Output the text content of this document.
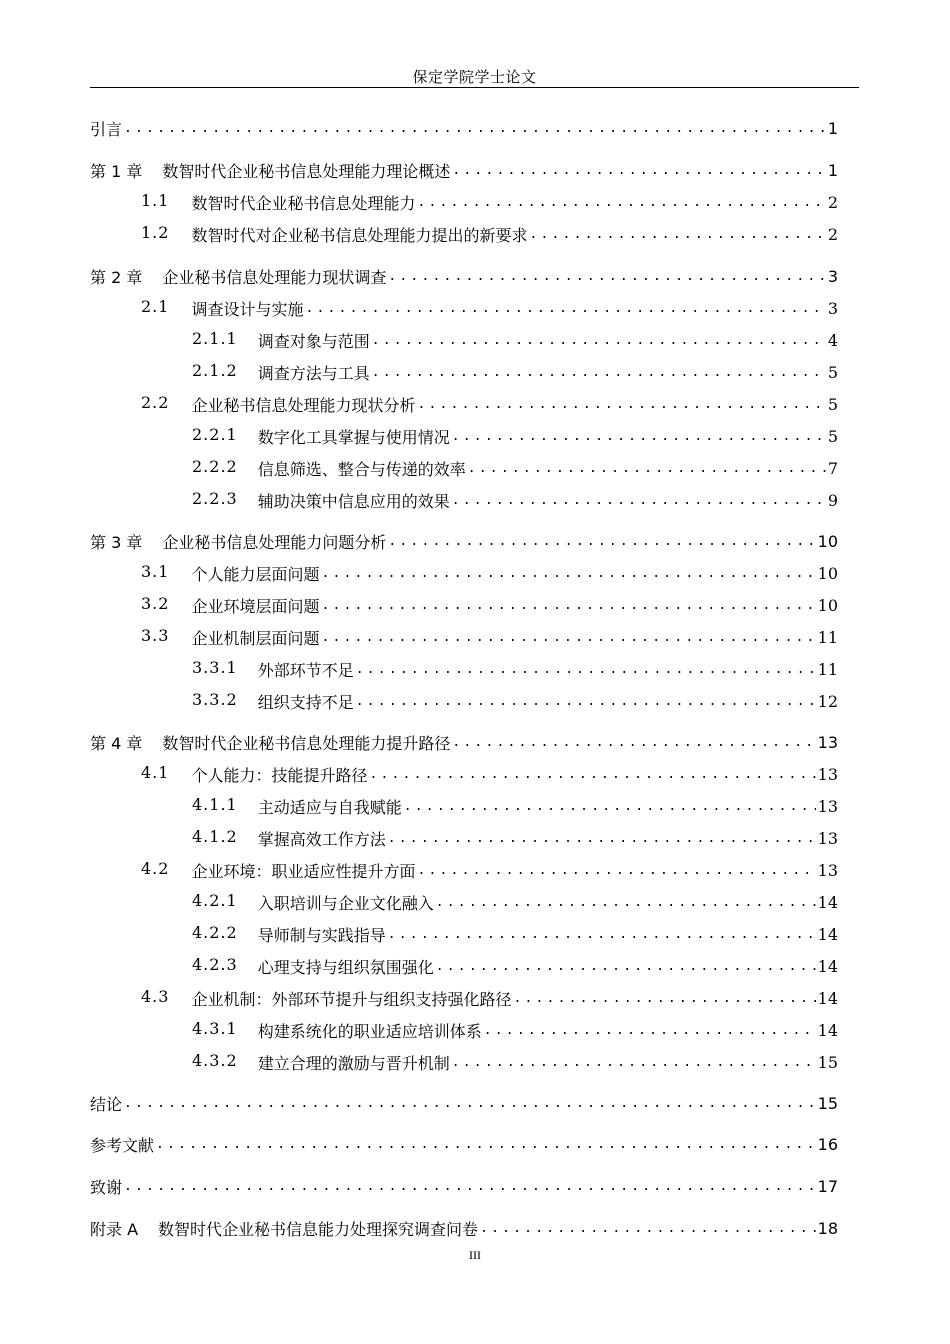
保定学院学士论文
引言 .....	1
第 1 章 数智时代企业秘书信息处理能力理论概述 .....	1
1.1 数智时代企业秘书信息处理能力 .....	2
1.2 数智时代对企业秘书信息处理能力提出的新要求 .....	2
第 2 章 企业秘书信息处理能力现状调查 .....	3
2.1 调查设计与实施 .....	3
2.1.1 调查对象与范围 .....	4
2.1.2 调查方法与工具 .....	5
2.2 企业秘书信息处理能力现状分析 .....	5
2.2.1 数字化工具掌握与使用情况 .....	5
2.2.2 信息筛选、整合与传递的效率 .....	7
2.2.3 辅助决策中信息应用的效果 .....	9
第 3 章 企业秘书信息处理能力问题分析 .....	10
3.1 个人能力层面问题 .....	10
3.2 企业环境层面问题 .....	10
3.3 企业机制层面问题 .....	11
3.3.1 外部环节不足 .....	11
3.3.2 组织支持不足 .....	12
第 4 章 数智时代企业秘书信息处理能力提升路径 .....	13
4.1 个人能力：技能提升路径 .....	13
4.1.1 主动适应与自我赋能 .....	13
4.1.2 掌握高效工作方法 .....	13
4.2 企业环境：职业适应性提升方面 .....	13
4.2.1 入职培训与企业文化融入 .....	14
4.2.2 导师制与实践指导 .....	14
4.2.3 心理支持与组织氛围强化 .....	14
4.3 企业机制：外部环节提升与组织支持强化路径 .....	14
4.3.1 构建系统化的职业适应培训体系 .....	14
4.3.2 建立合理的激励与晋升机制 .....	15
结论 .....	15
参考文献 .....	16
致谢 .....	17
附录 A 数智时代企业秘书信息能力处理探究调查问卷 .....	18
III
